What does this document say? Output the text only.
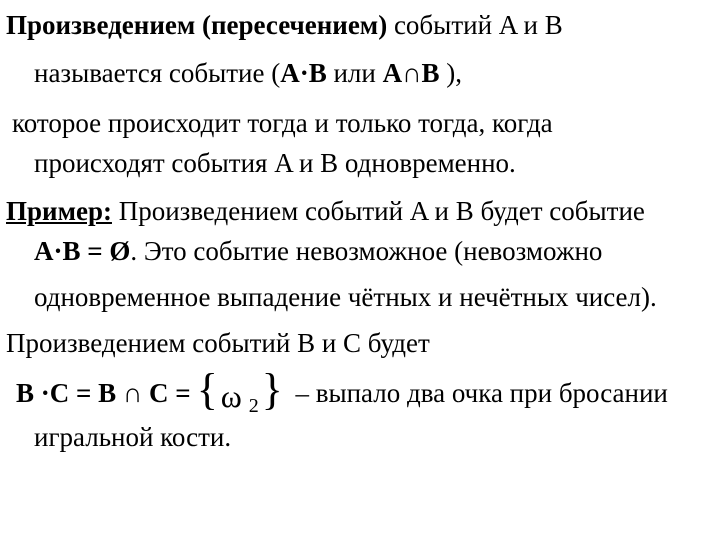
Произведением (пересечением) событий A и B
называется событие (A·B или A∩B ),
которое происходит тогда и только тогда, когда
происходят события A и B одновременно.
Пример: Произведением событий A и B будет событие
A·B = Ø. Это событие невозможное (невозможно
одновременное выпадение чётных и нечётных чисел).
Произведением событий B и C будет
B ·C = B ∩ C = { ω 2 } – выпало два очка при бросании
игральной кости.
